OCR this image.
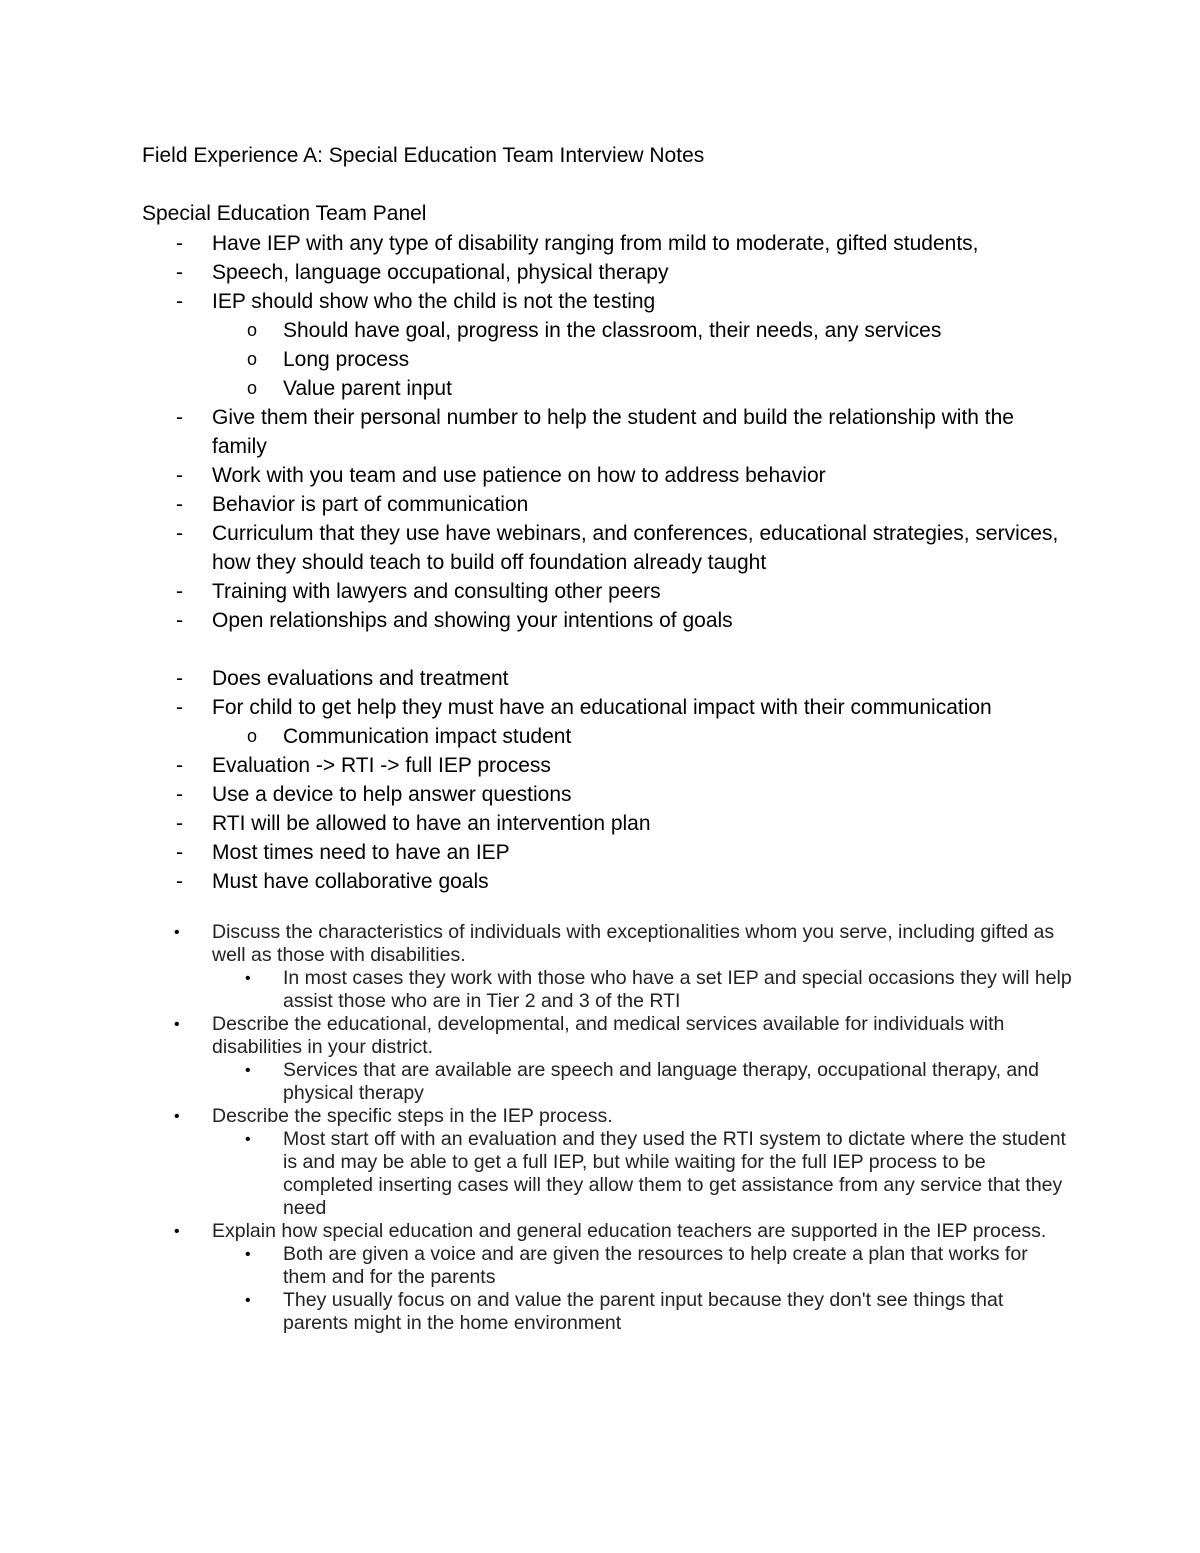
Field Experience A: Special Education Team Interview Notes
Special Education Team Panel
-	Have IEP with any type of disability ranging from mild to moderate, gifted students,
-	Speech, language occupational, physical therapy
-	IEP should show who the child is not the testing
o	Should have goal, progress in the classroom, their needs, any services
o	Long process
o	Value parent input
-	Give them their personal number to help the student and build the relationship with the family
-	Work with you team and use patience on how to address behavior
-	Behavior is part of communication
-	Curriculum that they use have webinars, and conferences, educational strategies, services, how they should teach to build off foundation already taught
-	Training with lawyers and consulting other peers
-	Open relationships and showing your intentions of goals
-	Does evaluations and treatment
-	For child to get help they must have an educational impact with their communication
o	Communication impact student
-	Evaluation -> RTI -> full IEP process
-	Use a device to help answer questions
-	RTI will be allowed to have an intervention plan
-	Most times need to have an IEP
-	Must have collaborative goals
• Discuss the characteristics of individuals with exceptionalities whom you serve, including gifted as well as those with disabilities.
• In most cases they work with those who have a set IEP and special occasions they will help assist those who are in Tier 2 and 3 of the RTI
• Describe the educational, developmental, and medical services available for individuals with disabilities in your district.
• Services that are available are speech and language therapy, occupational therapy, and physical therapy
• Describe the specific steps in the IEP process.
• Most start off with an evaluation and they used the RTI system to dictate where the student is and may be able to get a full IEP, but while waiting for the full IEP process to be completed inserting cases will they allow them to get assistance from any service that they need
• Explain how special education and general education teachers are supported in the IEP process.
• Both are given a voice and are given the resources to help create a plan that works for them and for the parents
• They usually focus on and value the parent input because they don't see things that parents might in the home environment
